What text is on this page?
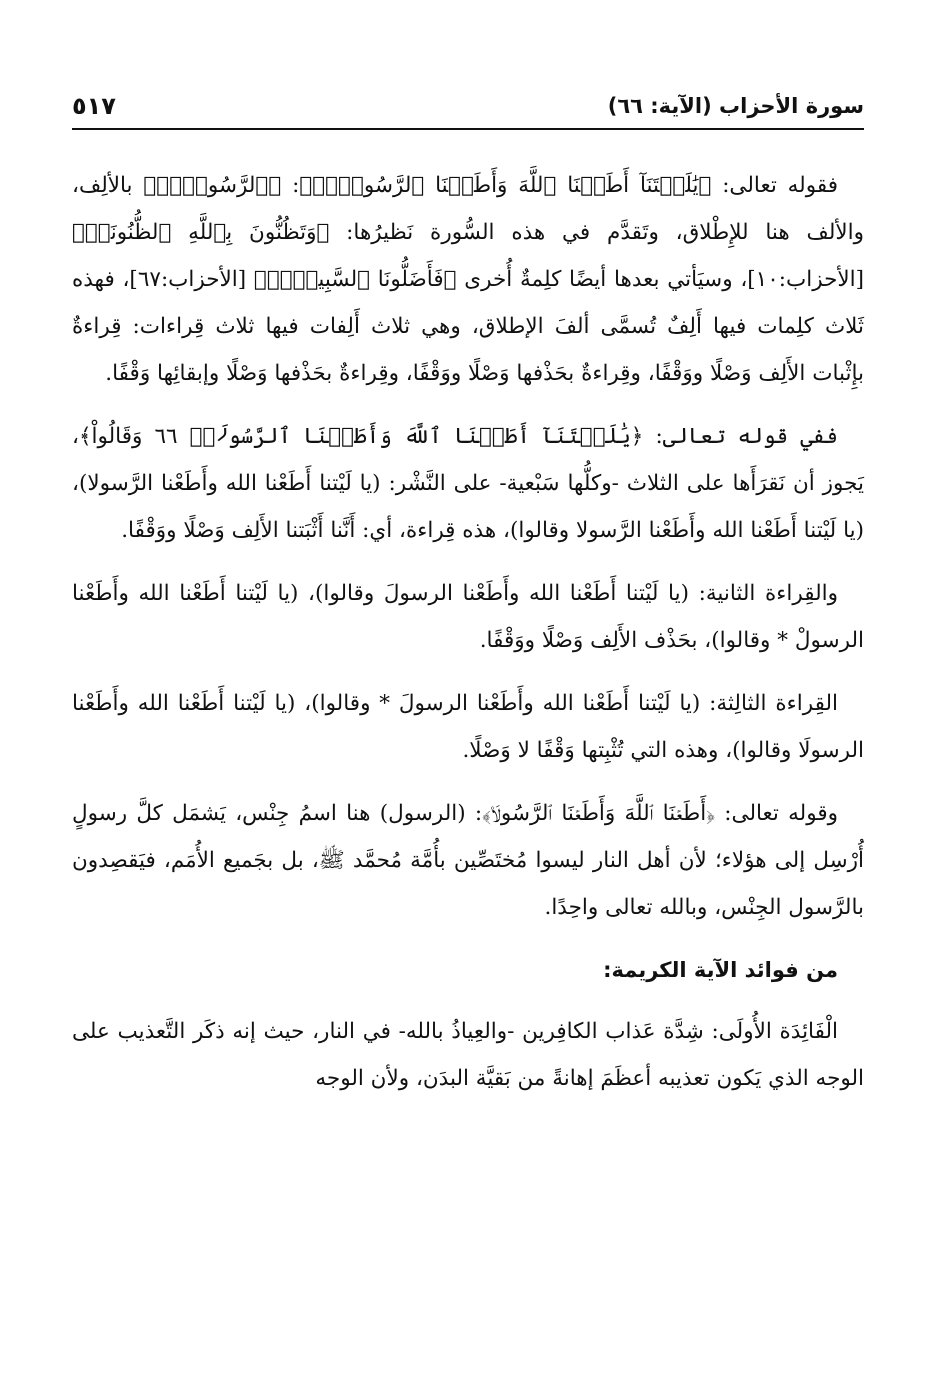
سورة الأحزاب (الآية: ٦٦)
٥١٧

فقوله تعالى: ﴿يَٰلَيۡتَنَآ أَطَعۡنَا ٱللَّهَ وَأَطَعۡنَا ٱلرَّسُولَا۠﴾: ﴿ٱلرَّسُولَا۠﴾ بالألِف، والألف هنا للإِطْلاق، وتَقدَّم في هذه السُّورة نَظيرُها: ﴿وَتَظُنُّونَ بِٱللَّهِ ٱلظُّنُونَا۠﴾ [الأحزاب:١٠]، وسيَأتي بعدها أيضًا كلِمةٌ أُخرى ﴿فَأَضَلُّونَا ٱلسَّبِيلَا۠﴾ [الأحزاب:٦٧]، فهذه ثَلاث كلِمات فيها أَلِفٌ تُسمَّى ألفَ الإطلاق، وهي ثلاث أَلِفات فيها ثلاث قِراءات: قِراءةٌ بإِثْبات الأَلِف وَصْلًا ووَقْفًا، وقِراءةٌ بحَذْفها وَصْلًا ووَقْفًا، وقِراءةٌ بحَذْفها وَصْلًا وإبقائِها وَقْفًا.

ففي قوله تعالى: ﴿يَٰلَيۡتَنَآ أَطَعۡنَا ٱللَّهَ وَأَطَعۡنَا ٱلرَّسُولَا۠ ٦٦ وَقَالُواْ﴾، يَجوز أن نَقرَأَها على الثلاث -وكلُّها سَبْعية- على النَّشْر: (يا لَيْتنا أَطَعْنا الله وأَطَعْنا الرَّسولا)، (يا لَيْتنا أَطَعْنا الله وأَطَعْنا الرَّسولا وقالوا)، هذه قِراءة، أي: أَنَّنا أَثْبَتنا الأَلِف وَصْلًا ووَقْفًا.

والقِراءة الثانية: (يا لَيْتنا أَطَعْنا الله وأَطَعْنا الرسولَ وقالوا)، (يا لَيْتنا أَطَعْنا الله وأَطَعْنا الرسولْ * وقالوا)، بحَذْف الأَلِف وَصْلًا ووَقْفًا.

القِراءة الثالِثة: (يا لَيْتنا أَطَعْنا الله وأَطَعْنا الرسولَ * وقالوا)، (يا لَيْتنا أَطَعْنا الله وأَطَعْنا الرسولَا وقالوا)، وهذه التي تُثْبِتها وَقْفًا لا وَصْلًا.

وقوله تعالى: ﴿أَطَعۡنَا ٱللَّهَ وَأَطَعۡنَا ٱلرَّسُولَا۠﴾: (الرسول) هنا اسمُ جِنْس، يَشمَل كلَّ رسولٍ أُرْسِل إلى هؤلاء؛ لأن أهل النار ليسوا مُختَصِّين بأُمَّة مُحمَّد ﷺ، بل بجَميع الأُمَم، فيَقصِدون بالرَّسول الجِنْس، وبالله تعالى واحِدًا.

من فوائد الآية الكريمة:

الْفَائِدَة الأُولَى: شِدَّة عَذاب الكافِرين -والعِياذُ بالله- في النار، حيث إنه ذكَر التَّعذيب على الوجه الذي يَكون تعذيبه أعظَمَ إهانةً من بَقيَّة البدَن، ولأن الوجه
